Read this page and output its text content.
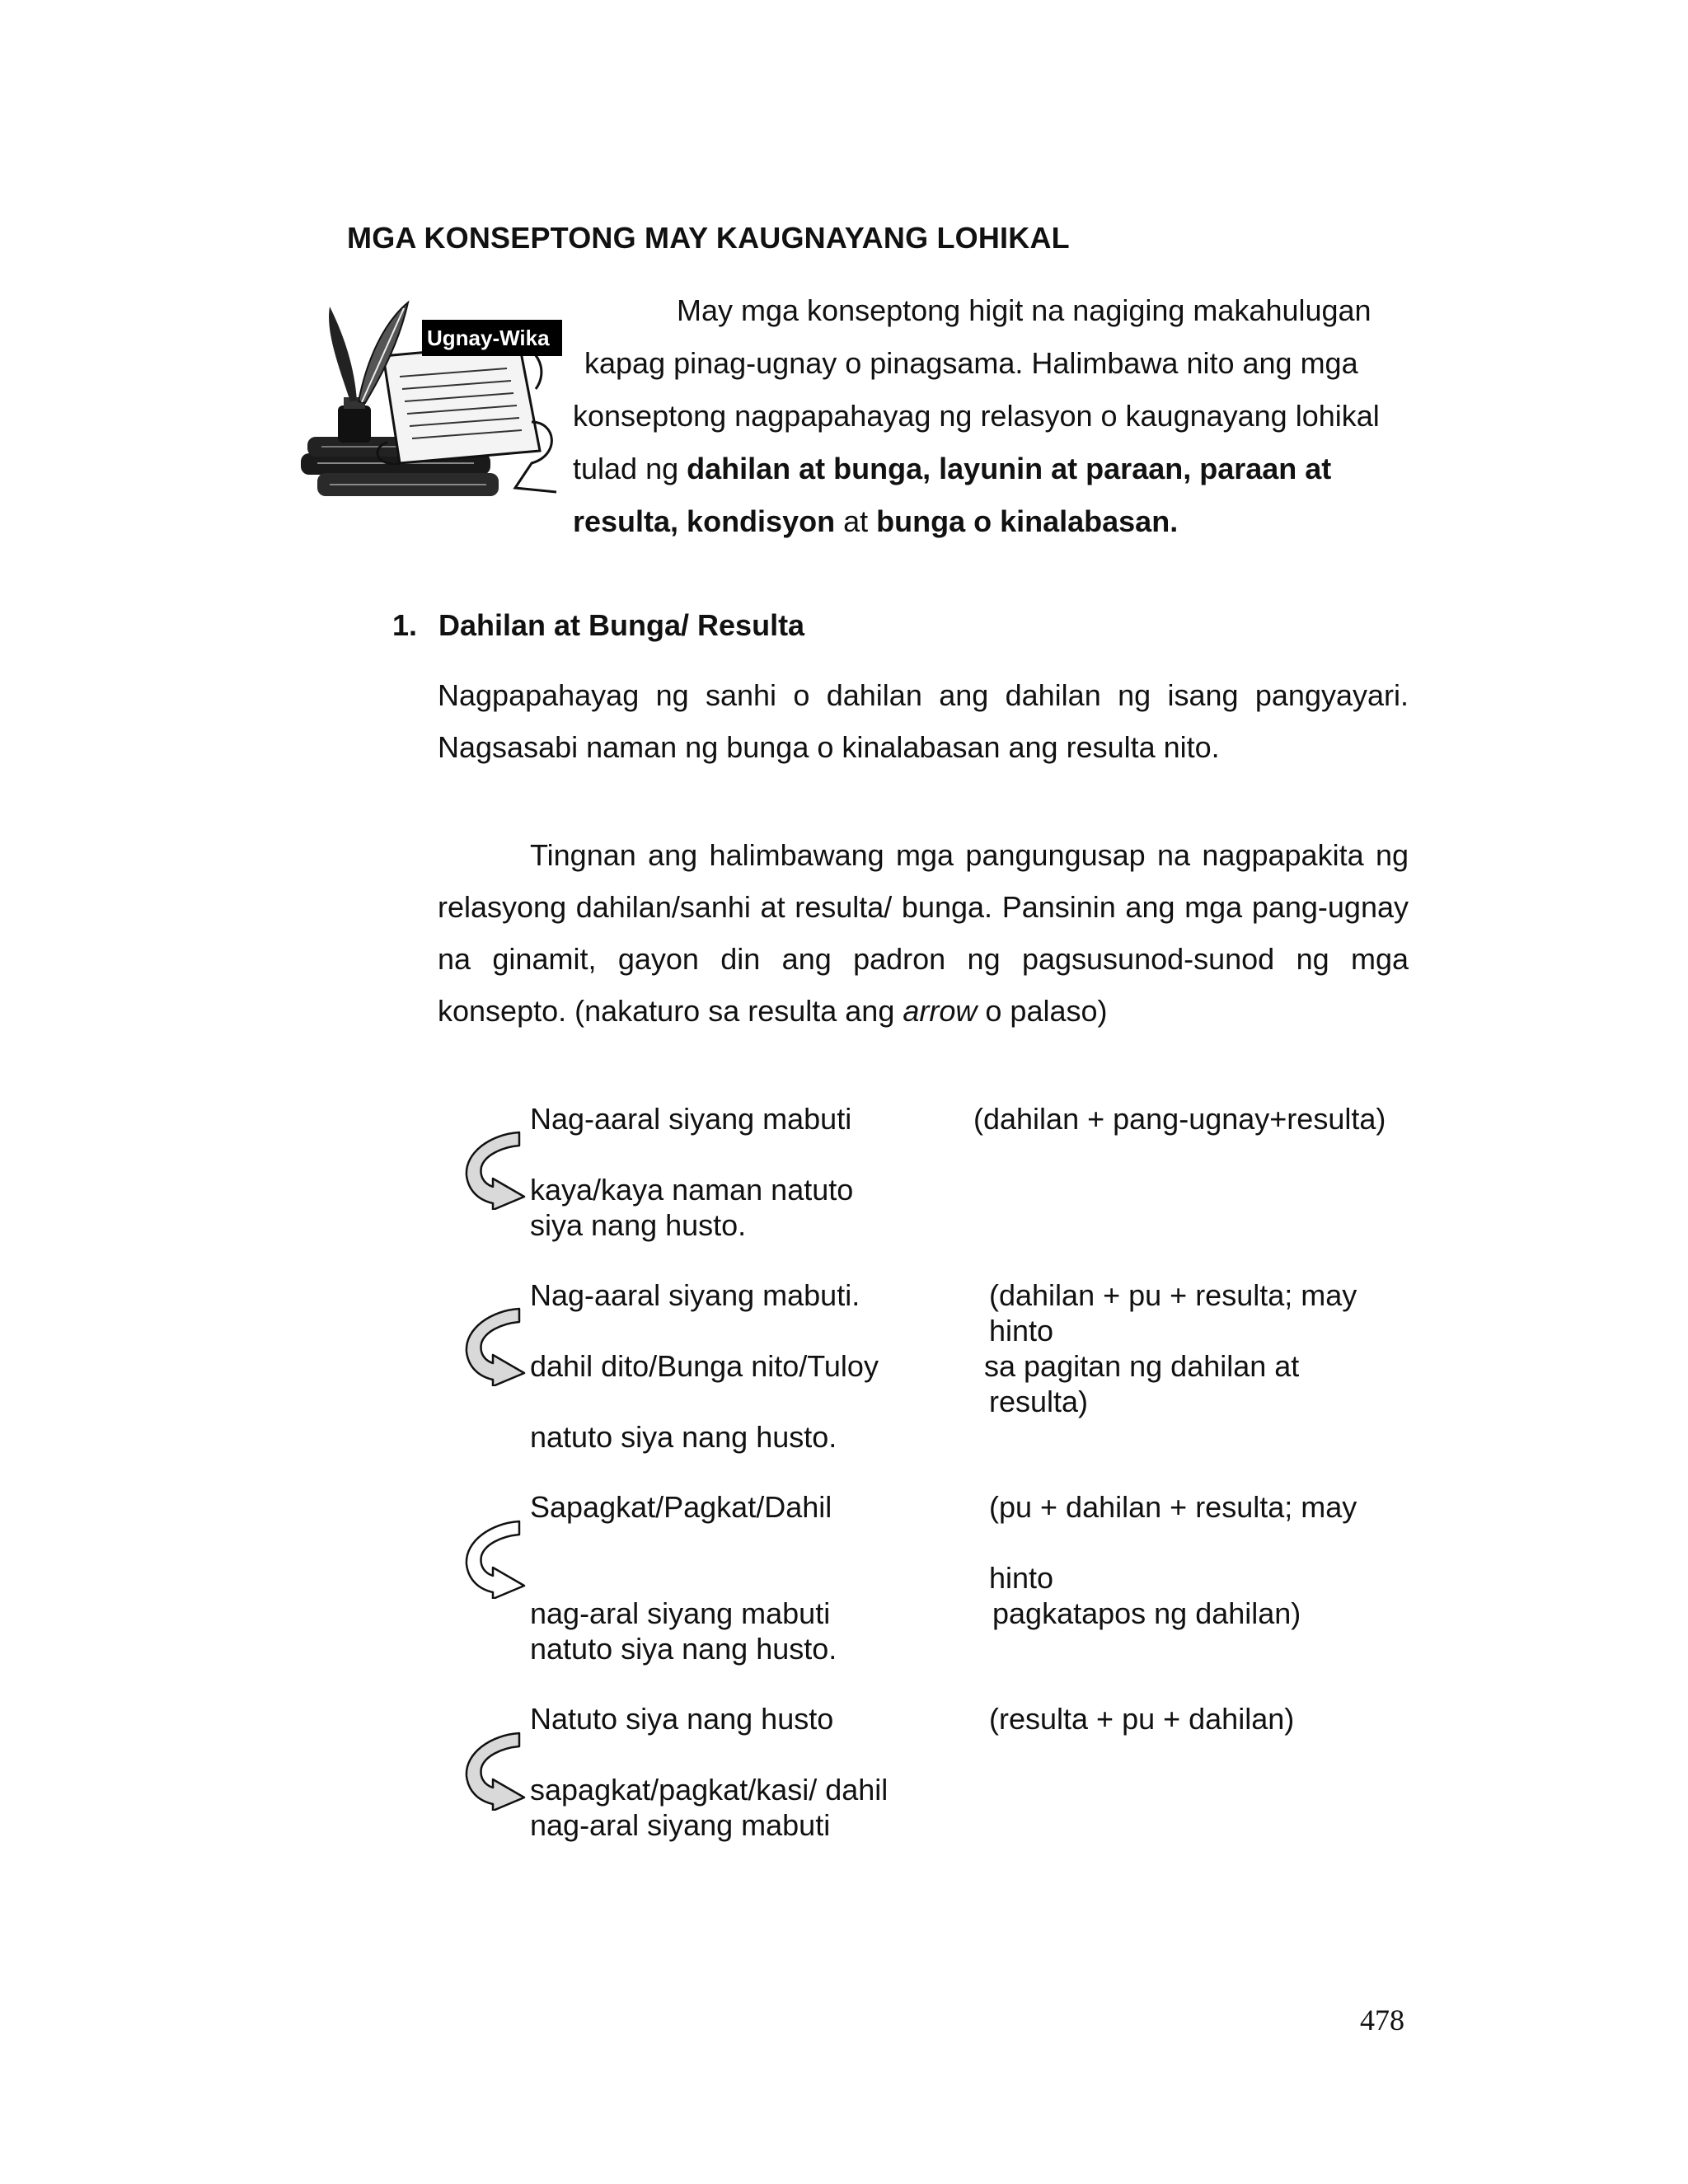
MGA KONSEPTONG MAY KAUGNAYANG LOHIKAL
Ugnay-Wika

May mga konseptong higit na nagiging makahulugan

kapag pinag-ugnay o pinagsama. Halimbawa nito ang mga

konseptong nagpapahayag ng relasyon o kaugnayang lohikal

tulad ng dahilan at bunga, layunin at paraan, paraan at

resulta, kondisyon at bunga o kinalabasan.

1. Dahilan at Bunga/ Resulta

Nagpapahayag ng sanhi o dahilan ang dahilan ng isang pangyayari. Nagsasabi naman ng bunga o kinalabasan ang resulta nito.

Tingnan ang halimbawang mga pangungusap na nagpapakita ng relasyong dahilan/sanhi at resulta/ bunga. Pansinin ang mga pang-ugnay na ginamit, gayon din ang padron ng pagsusunod-sunod ng mga konsepto. (nakaturo sa resulta ang arrow o palaso)

Nag-aaral siyang mabuti
kaya/kaya naman natuto
siya nang husto.
(dahilan + pang-ugnay+resulta)
Nag-aaral siyang mabuti.
dahil dito/Bunga nito/Tuloy
natuto siya nang husto.
(dahilan + pu + resulta; may
hinto
sa pagitan ng dahilan at
resulta)
Sapagkat/Pagkat/Dahil
nag-aral siyang mabuti
natuto siya nang husto.
(pu + dahilan + resulta; may
hinto
pagkatapos ng dahilan)
Natuto siya nang husto
sapagkat/pagkat/kasi/ dahil
nag-aral siyang mabuti
(resulta + pu + dahilan)
478
